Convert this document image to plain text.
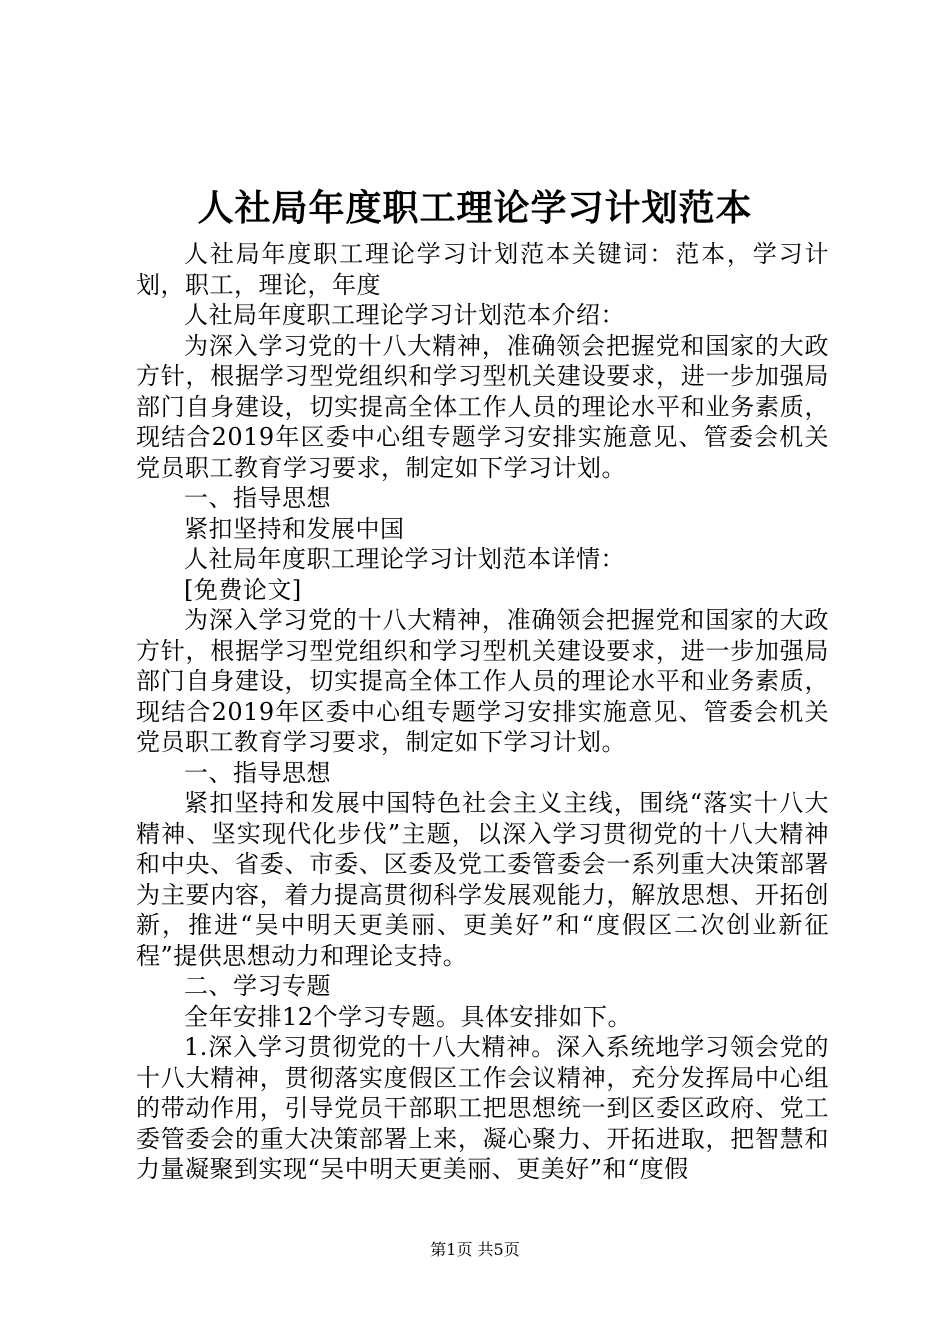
人社局年度职工理论学习计划范本

人社局年度职工理论学习计划范本关键词：范本，学习计划，职工，理论，年度

人社局年度职工理论学习计划范本介绍：

为深入学习党的十八大精神，准确领会把握党和国家的大政方针，根据学习型党组织和学习型机关建设要求，进一步加强局部门自身建设，切实提高全体工作人员的理论水平和业务素质，现结合2019年区委中心组专题学习安排实施意见、管委会机关党员职工教育学习要求，制定如下学习计划。

一、指导思想

紧扣坚持和发展中国

人社局年度职工理论学习计划范本详情：

[免费论文]

为深入学习党的十八大精神，准确领会把握党和国家的大政方针，根据学习型党组织和学习型机关建设要求，进一步加强局部门自身建设，切实提高全体工作人员的理论水平和业务素质，现结合2019年区委中心组专题学习安排实施意见、管委会机关党员职工教育学习要求，制定如下学习计划。

一、指导思想

紧扣坚持和发展中国特色社会主义主线，围绕“落实十八大精神、坚实现代化步伐”主题，以深入学习贯彻党的十八大精神和中央、省委、市委、区委及党工委管委会一系列重大决策部署为主要内容，着力提高贯彻科学发展观能力，解放思想、开拓创新，推进“吴中明天更美丽、更美好”和“度假区二次创业新征程”提供思想动力和理论支持。

二、学习专题

全年安排12个学习专题。具体安排如下。

1.深入学习贯彻党的十八大精神。深入系统地学习领会党的十八大精神，贯彻落实度假区工作会议精神，充分发挥局中心组的带动作用，引导党员干部职工把思想统一到区委区政府、党工委管委会的重大决策部署上来，凝心聚力、开拓进取，把智慧和力量凝聚到实现“吴中明天更美丽、更美好”和“度假

第1页 共5页
